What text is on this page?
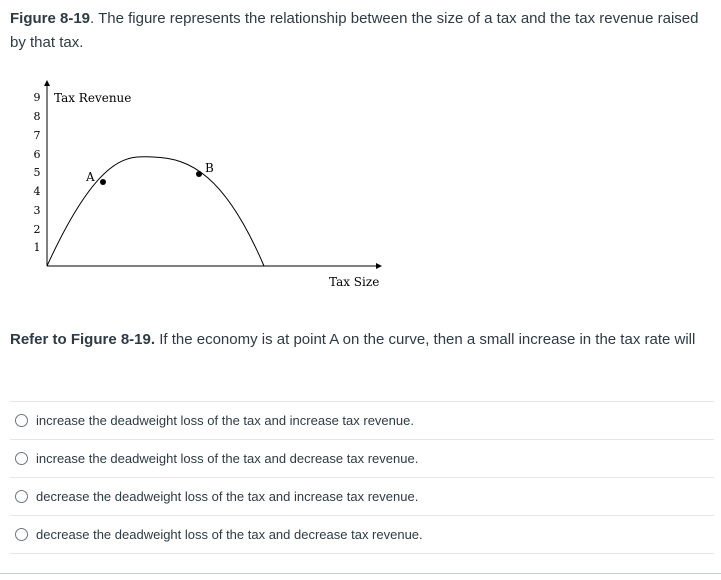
Figure 8-19. The figure represents the relationship between the size of a tax and the tax revenue raised by that tax.
1
2
3
4
5
6
7
8
9 Tax Revenue
Tax Size
A
B
Refer to Figure 8-19. If the economy is at point A on the curve, then a small increase in the tax rate will
increase the deadweight loss of the tax and increase tax revenue.
increase the deadweight loss of the tax and decrease tax revenue.
decrease the deadweight loss of the tax and increase tax revenue.
decrease the deadweight loss of the tax and decrease tax revenue.
